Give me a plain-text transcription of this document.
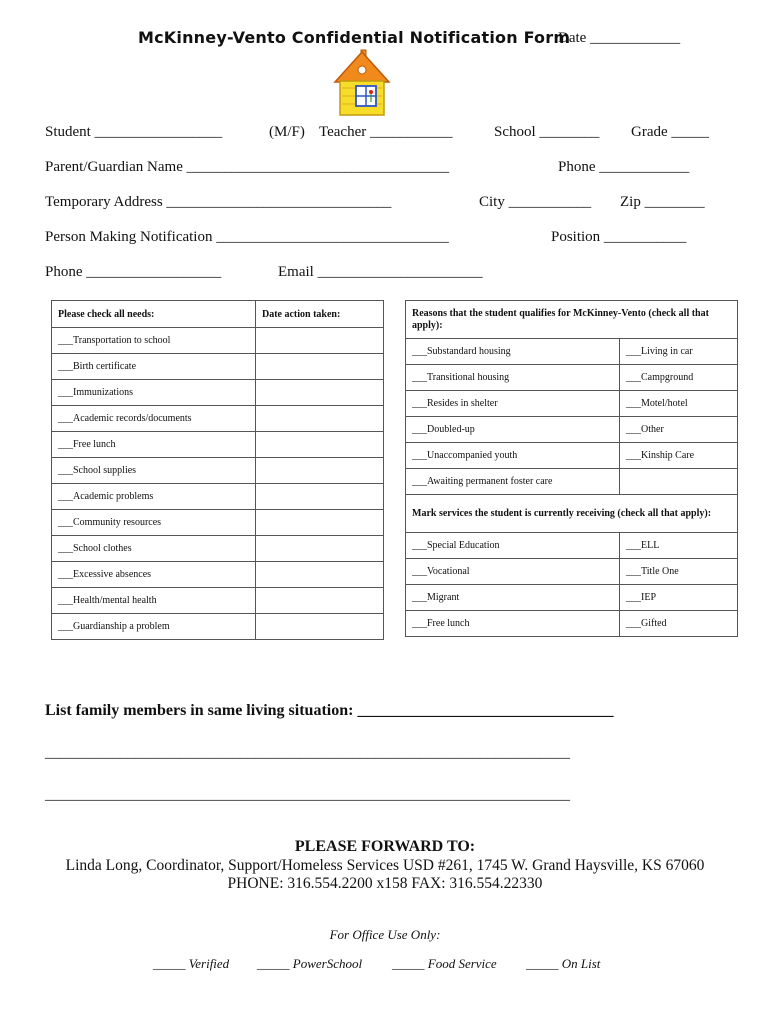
McKinney-Vento Confidential Notification Form
Date ____________
Student _________________	(M/F) Teacher ___________	School ________ Grade _____
Parent/Guardian Name ___________________________________	Phone ____________
Temporary Address ______________________________	City ___________ Zip ________
Person Making Notification _______________________________	Position ___________
Phone __________________	Email ______________________
Please check all needs:	Date action taken:
___Transportation to school	
___Birth certificate	
___Immunizations	
___Academic records/documents	
___Free lunch	
___School supplies	
___Academic problems	
___Community resources	
___School clothes	
___Excessive absences	
___Health/mental health	
___Guardianship a problem	
Reasons that the student qualifies for McKinney-Vento (check all that apply):	
___Substandard housing	___Living in car
___Transitional housing	___Campground
___Resides in shelter	___Motel/hotel
___Doubled-up	___Other
___Unaccompanied youth	___Kinship Care
___Awaiting permanent foster care	
Mark services the student is currently receiving (check all that apply):	
___Special Education	___ELL
___Vocational	___Title One
___Migrant	___IEP
___Free lunch	___Gifted
List family members in same living situation: ________________________________
______________________________________________________________________
______________________________________________________________________
PLEASE FORWARD TO:
Linda Long, Coordinator, Support/Homeless Services USD #261, 1745 W. Grand Haysville, KS 67060
PHONE: 316.554.2200 x158 FAX: 316.554.22330
For Office Use Only:
_____ Verified _____ PowerSchool _____ Food Service _____ On List
